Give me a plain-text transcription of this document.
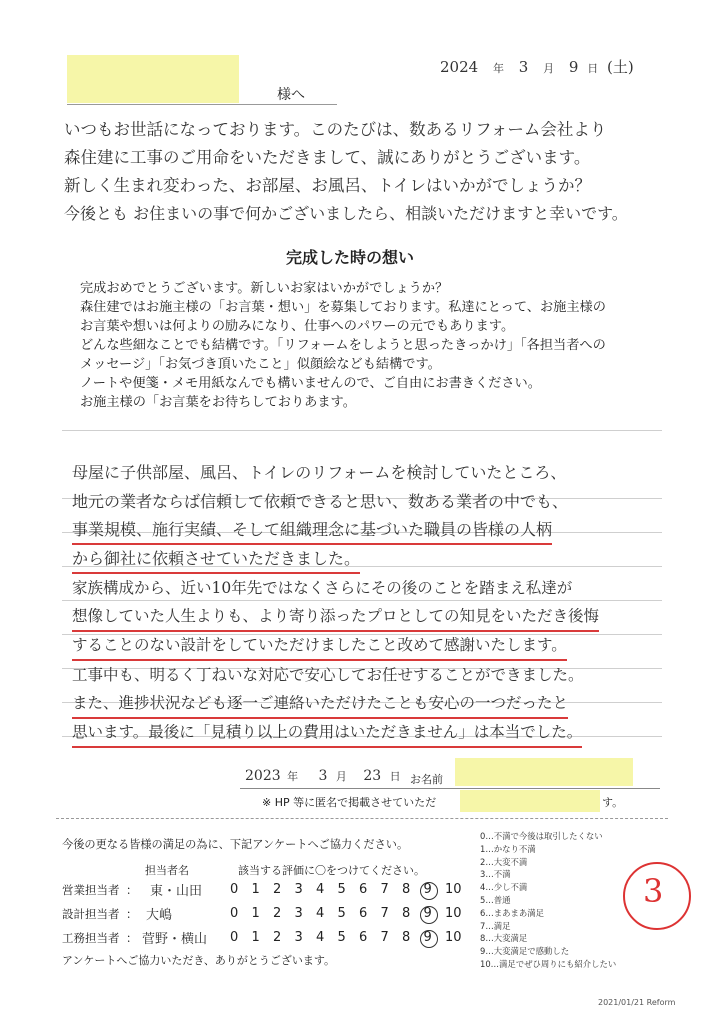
2024 年 3 月 9 日 (土)
様へ
いつもお世話になっております。このたびは、数あるリフォーム会社より
森住建に工事のご用命をいただきまして、誠にありがとうございます。
新しく生まれ変わった、お部屋、お風呂、トイレはいかがでしょうか？
今後とも お住まいの事で何かございましたら、相談いただけますと幸いです。
完成した時の想い
完成おめでとうございます。新しいお家はいかがでしょうか？
森住建ではお施主様の「お言葉・想い」を募集しております。私達にとって、お施主様の
お言葉や想いは何よりの励みになり、仕事へのパワーの元でもあります。
どんな些細なことでも結構です。「リフォームをしようと思ったきっかけ」「各担当者への
メッセージ」「お気づき頂いたこと」似顔絵なども結構です。
ノートや便箋・メモ用紙なんでも構いませんので、ご自由にお書きください。
お施主様の「お言葉をお待ちしておりあます。
母屋に子供部屋、風呂、トイレのリフォームを検討していたところ、
地元の業者ならば信頼して依頼できると思い、数ある業者の中でも、
事業規模、施行実績、そして組織理念に基づいた職員の皆様の人柄
から御社に依頼させていただきました。
家族構成から、近い10年先ではなくさらにその後のことを踏まえ私達が
想像していた人生よりも、より寄り添ったプロとしての知見をいただき後悔
することのない設計をしていただけましたこと改めて感謝いたします。
工事中も、明るく丁ねいな対応で安心してお任せすることができました。
また、進捗状況なども逐一ご連絡いただけたことも安心の一つだったと
思います。最後に「見積り以上の費用はいただきません」は本当でした。
2023 年 3 月 23 日 お名前
※ HP 等に匿名で掲載させていただ	す。
今後の更なる皆様の満足の為に、下記アンケートへご協力ください。
担当者名	該当する評価に〇をつけてください。
営業担当者 ： 東・山田 0 1 2 3 4 5 6 7 8 9 10
設計担当者 ： 大嶋	0 1 2 3 4 5 6 7 8 9 10
工務担当者 ： 菅野・横山 0 1 2 3 4 5 6 7 8 9 10
アンケートへご協力いただき、ありがとうございます。
0…不満で今後は取引したくない
1…かなり不満
2…大変不満
3…不満
4…少し不満
5…普通
6…まあまあ満足
7…満足
8…大変満足
9…大変満足で感動した
10…満足でぜひ周りにも紹介したい
3
2021/01/21 Reform
